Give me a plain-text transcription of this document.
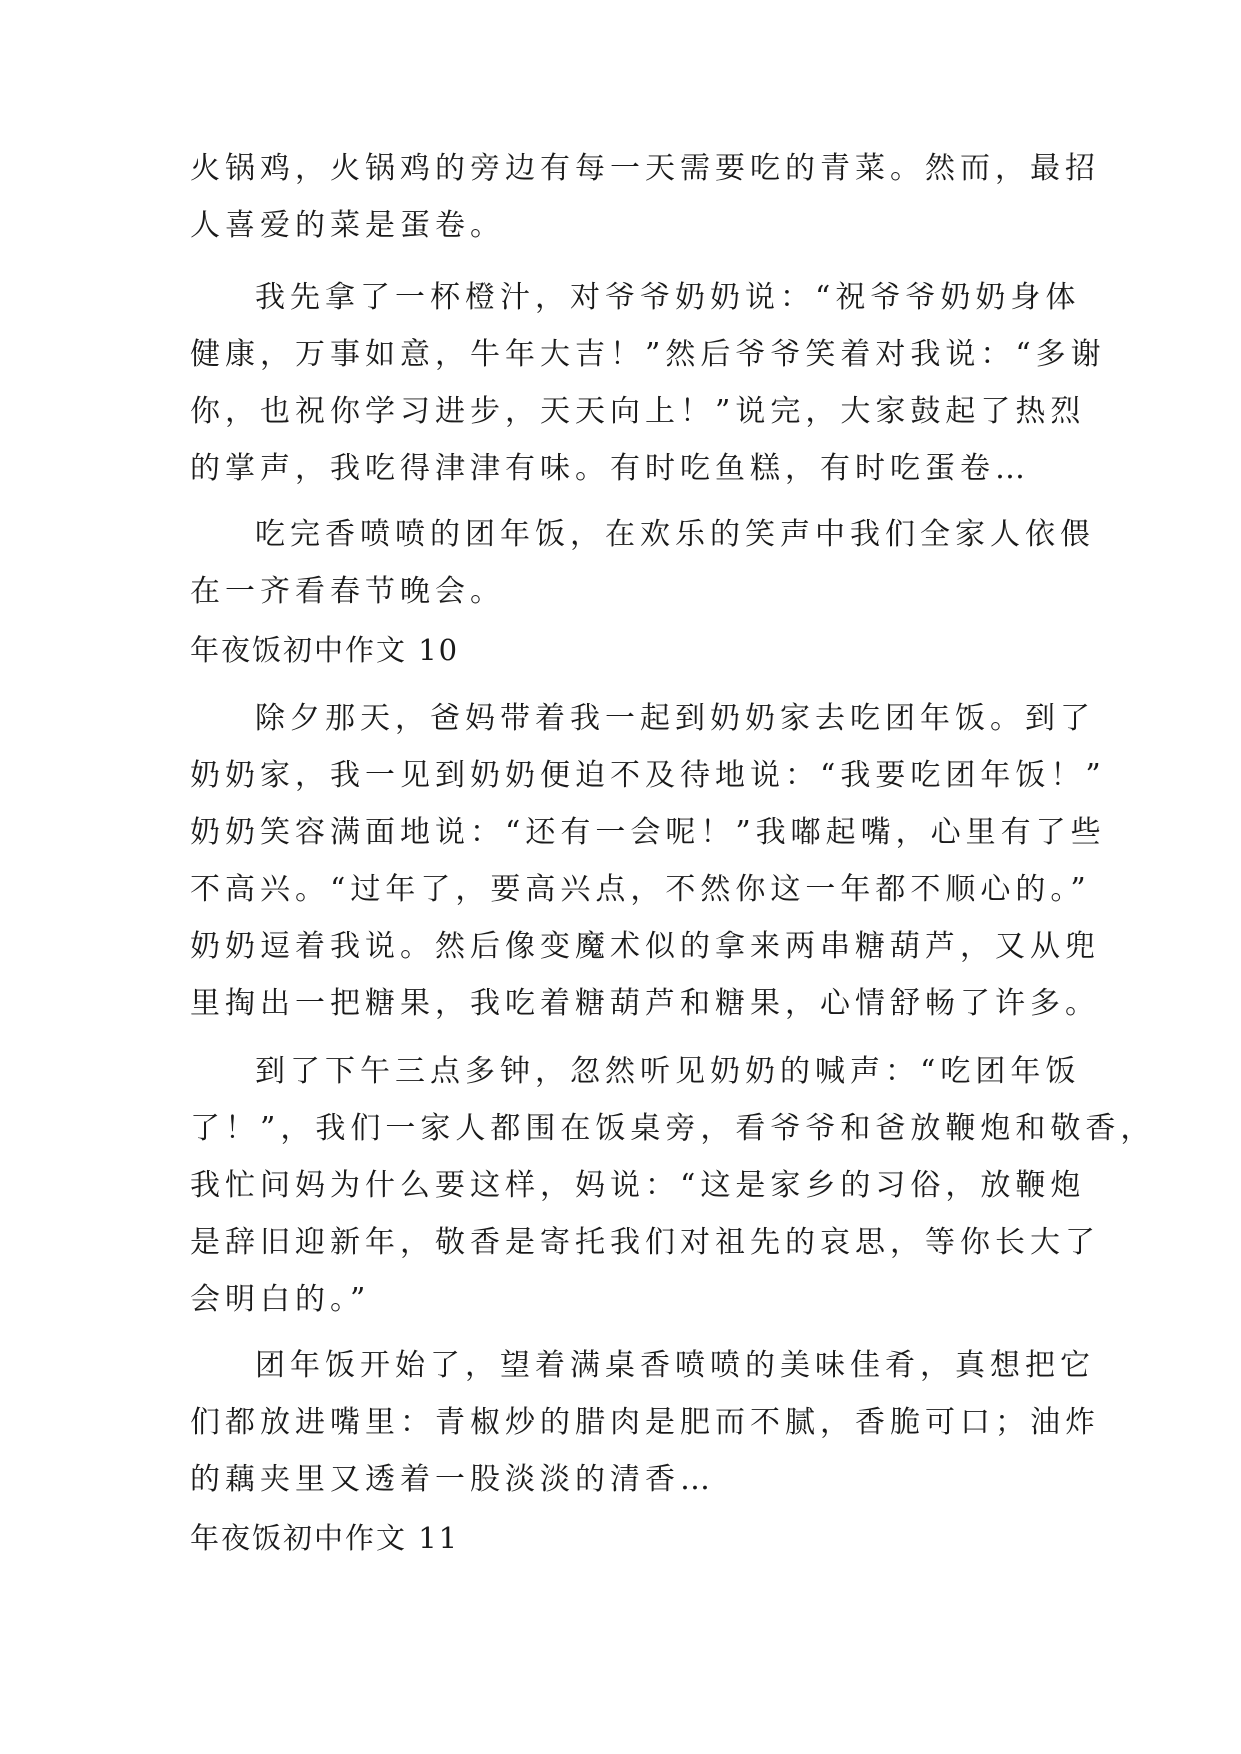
火锅鸡，火锅鸡的旁边有每一天需要吃的青菜。然而，最招
人喜爱的菜是蛋卷。
我先拿了一杯橙汁，对爷爷奶奶说：“祝爷爷奶奶身体
健康，万事如意，牛年大吉！”然后爷爷笑着对我说：“多谢
你，也祝你学习进步，天天向上！”说完，大家鼓起了热烈
的掌声，我吃得津津有味。有时吃鱼糕，有时吃蛋卷…
吃完香喷喷的团年饭，在欢乐的笑声中我们全家人依偎
在一齐看春节晚会。
年夜饭初中作文 10
除夕那天，爸妈带着我一起到奶奶家去吃团年饭。到了
奶奶家，我一见到奶奶便迫不及待地说：“我要吃团年饭！”
奶奶笑容满面地说：“还有一会呢！”我嘟起嘴，心里有了些
不高兴。“过年了，要高兴点，不然你这一年都不顺心的。”
奶奶逗着我说。然后像变魔术似的拿来两串糖葫芦，又从兜
里掏出一把糖果，我吃着糖葫芦和糖果，心情舒畅了许多。
到了下午三点多钟，忽然听见奶奶的喊声：“吃团年饭
了！”，我们一家人都围在饭桌旁，看爷爷和爸放鞭炮和敬香，
我忙问妈为什么要这样，妈说：“这是家乡的习俗，放鞭炮
是辞旧迎新年，敬香是寄托我们对祖先的哀思，等你长大了
会明白的。”
团年饭开始了，望着满桌香喷喷的美味佳肴，真想把它
们都放进嘴里：青椒炒的腊肉是肥而不腻，香脆可口；油炸
的藕夹里又透着一股淡淡的清香…
年夜饭初中作文 11
